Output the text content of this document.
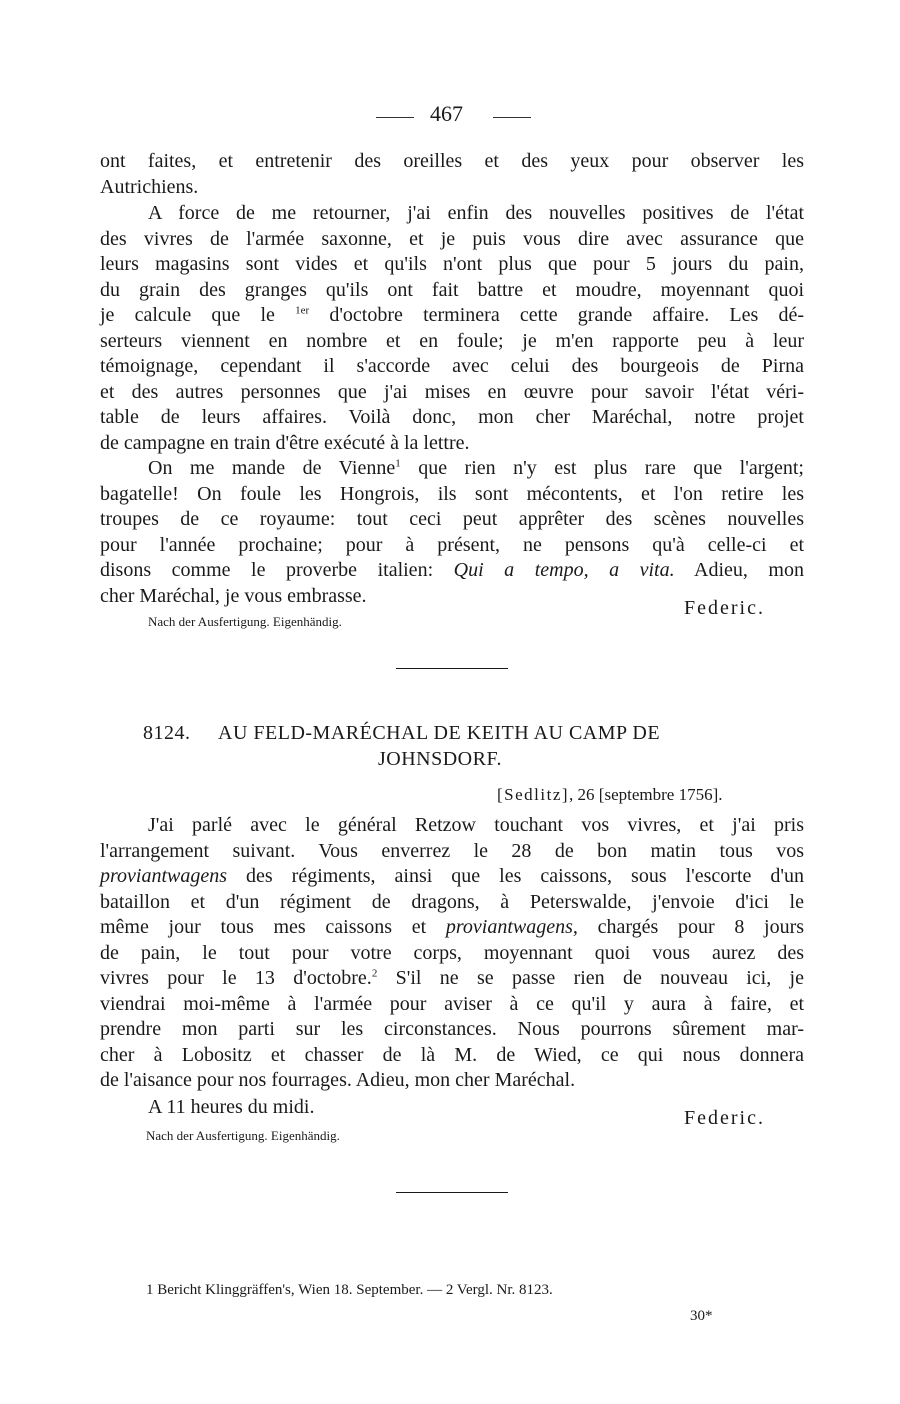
467
ont faites, et entretenir des oreilles et des yeux pour observer les
Autrichiens.
A force de me retourner, j'ai enfin des nouvelles positives de l'état
des vivres de l'armée saxonne, et je puis vous dire avec assurance que
leurs magasins sont vides et qu'ils n'ont plus que pour 5 jours du pain,
du grain des granges qu'ils ont fait battre et moudre, moyennant quoi
je calcule que le $^{1er}$ d'octobre terminera cette grande affaire. Les dé-
serteurs viennent en nombre et en foule; je m'en rapporte peu à leur
témoignage, cependant il s'accorde avec celui des bourgeois de Pirna
et des autres personnes que j'ai mises en œuvre pour savoir l'état véri-
table de leurs affaires. Voilà donc, mon cher Maréchal, notre projet
de campagne en train d'être exécuté à la lettre.
On me mande de Vienne$^1$ que rien n'y est plus rare que l'argent;
bagatelle! On foule les Hongrois, ils sont mécontents, et l'on retire les
troupes de ce royaume: tout ceci peut apprêter des scènes nouvelles
pour l'année prochaine; pour à présent, ne pensons qu'à celle-ci et
disons comme le proverbe italien: Qui a tempo, a vita. Adieu, mon
cher Maréchal, je vous embrasse.
Federic.
Nach der Ausfertigung. Eigenhändig.
8124. AU FELD-MARÉCHAL DE KEITH AU CAMP DE
JOHNSDORF.
[Sedlitz], 26 [septembre 1756].
J'ai parlé avec le général Retzow touchant vos vivres, et j'ai pris
l'arrangement suivant. Vous enverrez le 28 de bon matin tous vos
proviantwagens des régiments, ainsi que les caissons, sous l'escorte d'un
bataillon et d'un régiment de dragons, à Peterswalde, j'envoie d'ici le
même jour tous mes caissons et proviantwagens, chargés pour 8 jours
de pain, le tout pour votre corps, moyennant quoi vous aurez des
vivres pour le 13 d'octobre.$^2$ S'il ne se passe rien de nouveau ici, je
viendrai moi-même à l'armée pour aviser à ce qu'il y aura à faire, et
prendre mon parti sur les circonstances. Nous pourrons sûrement mar-
cher à Lobositz et chasser de là M. de Wied, ce qui nous donnera
de l'aisance pour nos fourrages. Adieu, mon cher Maréchal.
A 11 heures du midi.	Federic.
Nach der Ausfertigung. Eigenhändig.
1 Bericht Klinggräffen's, Wien 18. September. — 2 Vergl. Nr. 8123.
30*
